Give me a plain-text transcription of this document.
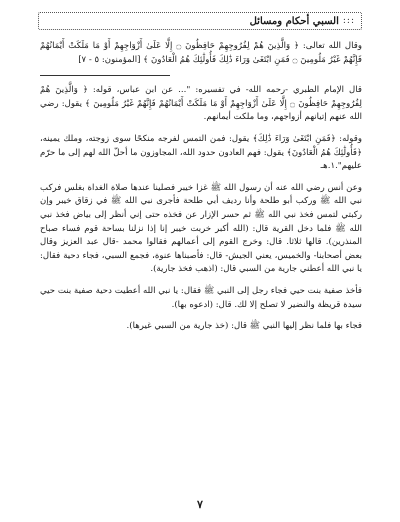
:::
السبي أحكام ومسائل

وقال الله تعالى: ﴿ وَالَّذِينَ هُمْ لِفُرُوجِهِمْ حَافِظُونَ ۝ إِلَّا عَلَىٰ أَزْوَاجِهِمْ أَوْ مَا مَلَكَتْ أَيْمَانُهُمْ فَإِنَّهُمْ غَيْرُ مَلُومِينَ ۝ فَمَنِ ابْتَغَىٰ وَرَاءَ ذَٰلِكَ فَأُولَٰئِكَ هُمُ الْعَادُونَ ﴾ [المؤمنون: ٥ - ٧]

قال الإمام الطبري -رحمه الله- في تفسيره: "... عن ابن عباس، قوله: ﴿ وَالَّذِينَ هُمْ لِفُرُوجِهِمْ حَافِظُونَ ۝ إِلَّا عَلَىٰ أَزْوَاجِهِمْ أَوْ مَا مَلَكَتْ أَيْمَانُهُمْ فَإِنَّهُمْ غَيْرُ مَلُومِينَ ﴾ يقول: رضي الله عنهم إتيانهم أزواجهم، وما ملكت أيمانهم.

وقوله: ﴿فَمَنِ ابْتَغَىٰ وَرَاءَ ذَٰلِكَ﴾ يقول: فمن التمس لفرجه منكحًا سوى زوجته، وملك يمينه، ﴿فَأُولَٰئِكَ هُمُ الْعَادُونَ﴾ يقول: فهم العادون حدود الله، المجاوزون ما أحلّ الله لهم إلى ما حرّم عليهم".١.هـ

وعن أنس رضي الله عنه أن رسول الله ﷺ غزا خيبر فصلينا عندها صلاة الغداة بغلس فركب نبي الله ﷺ وركب أبو طلحة وأنا رديف أبي طلحة فأجرى نبي الله ﷺ في زقاق خيبر وإن ركبتي لتمس فخذ نبي الله ﷺ ثم حسر الإزار عن فخذه حتى إني أنظر إلى بياض فخذ نبي الله ﷺ فلما دخل القرية قال: (الله أكبر خربت خيبر إنا إذا نزلنا بساحة قوم فساء صباح المنذرين). قالها ثلاثا. قال: وخرج القوم إلى أعمالهم فقالوا محمد -قال عبد العزيز وقال بعض أصحابنا- والخميس، يعني الجيش- قال: فأصبناها عنوة، فجمع السبي، فجاء دحية فقال: يا نبي الله أعطني جارية من السبي قال: (اذهب فخذ جارية).

فأخذ صفية بنت حيي فجاء رجل إلى النبي ﷺ فقال: يا نبي الله أعطيت دحية صفية بنت حيي سيدة قريظة والنضير لا تصلح إلا لك. قال: (ادعوه بها).

فجاء بها فلما نظر إليها النبي ﷺ قال: (خذ جارية من السبي غيرها).

٧
